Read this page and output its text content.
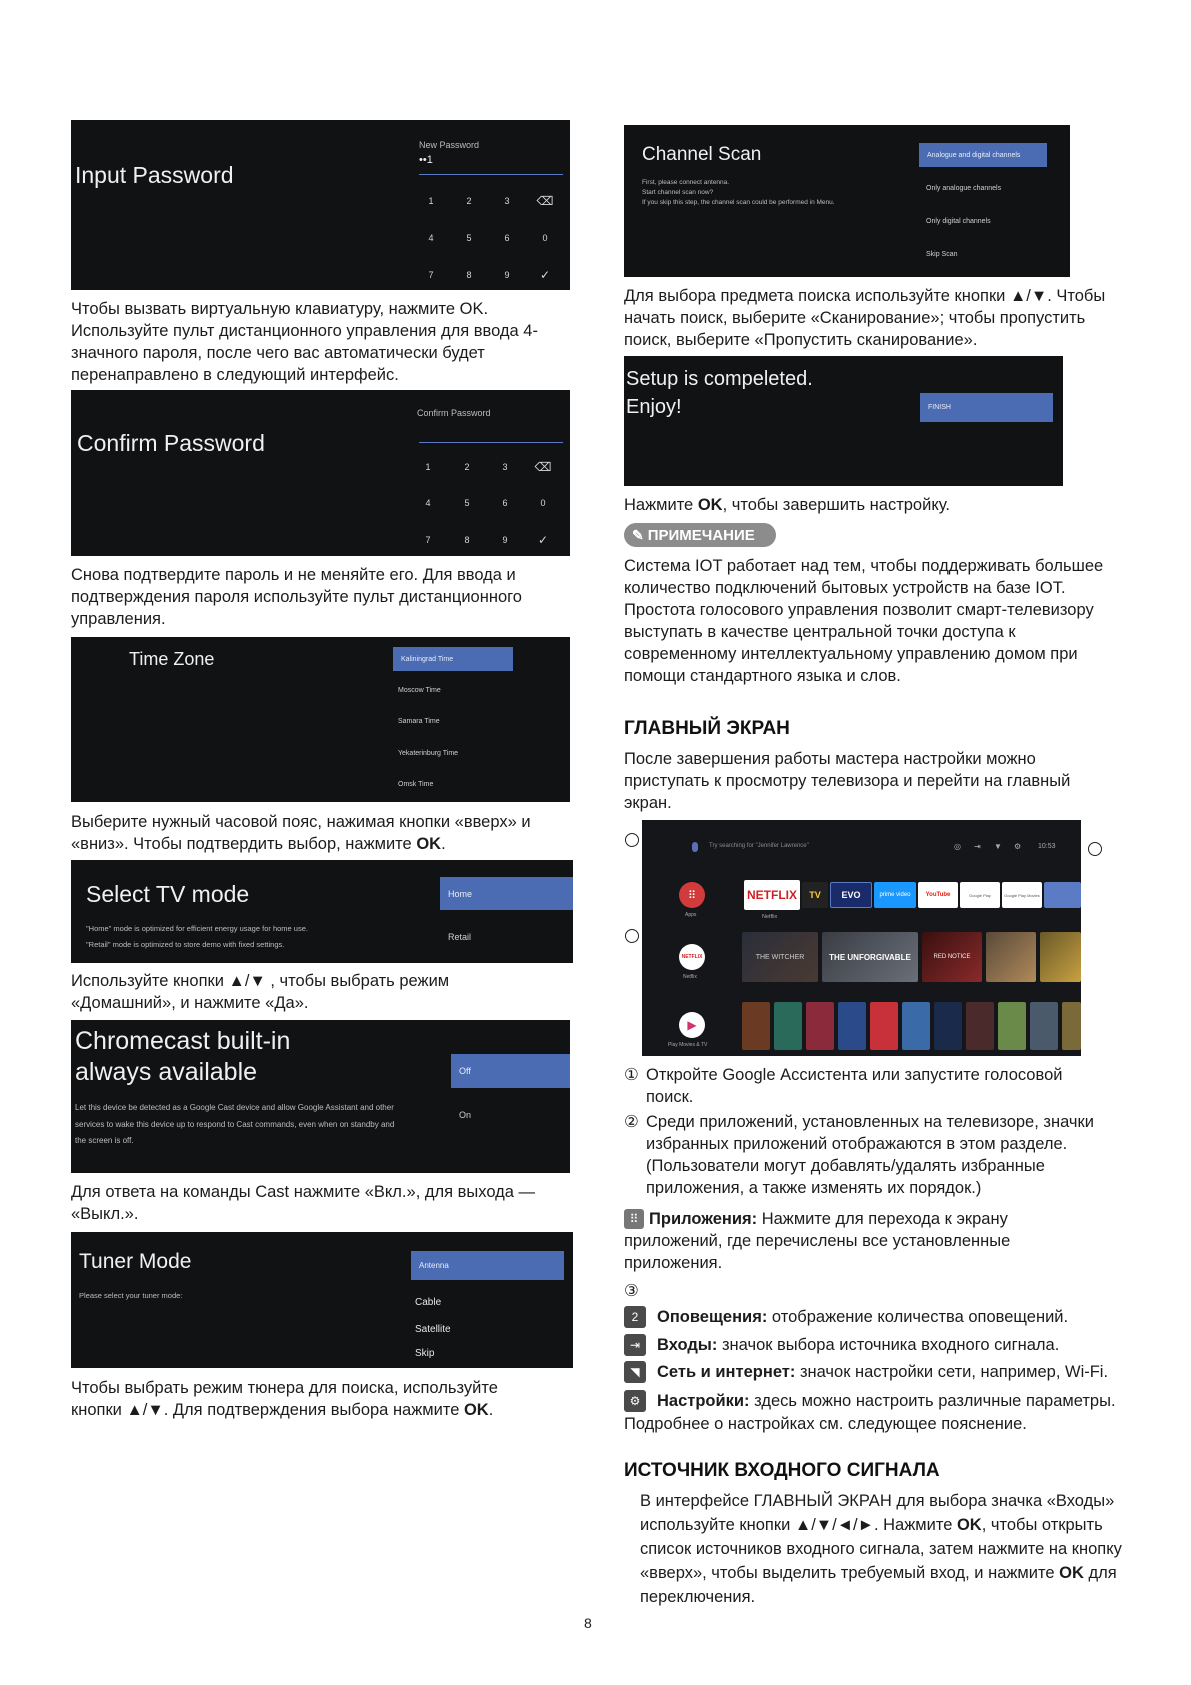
Input Password
New Password
••1
1	2	3	⌫
4	5	6	0
7	8	9	✓
Чтобы вызвать виртуальную клавиатуру, нажмите OK. Используйте пульт дистанционного управления для ввода 4-значного пароля, после чего вас автоматически будет перенаправлено в следующий интерфейс.
Confirm Password
Confirm Password
1	2	3	⌫
4	5	6	0
7	8	9	✓
Снова подтвердите пароль и не меняйте его. Для ввода и подтверждения пароля используйте пульт дистанционного управления.
Time Zone	Kaliningrad Time
Moscow Time
Samara Time
Yekaterinburg Time
Omsk Time
Выберите нужный часовой пояс, нажимая кнопки «вверх» и «вниз». Чтобы подтвердить выбор, нажмите OK.
Select TV mode
"Home" mode is optimized for efficient energy usage for home use.
"Retail" mode is optimized to store demo with fixed settings.
Home
Retail
Используйте кнопки ▲/▼ , чтобы выбрать режим «Домашний», и нажмите «Да».
Chromecast built-in
always available
Let this device be detected as a Google Cast device and allow Google Assistant and other services to wake this device up to respond to Cast commands, even when on standby and the screen is off.
Off
On
Для ответа на команды Cast нажмите «Вкл.», для выхода — «Выкл.».
Tuner Mode
Please select your tuner mode:
Antenna
Cable
Satellite
Skip
Чтобы выбрать режим тюнера для поиска, используйте кнопки ▲/▼. Для подтверждения выбора нажмите OK.
Channel Scan
First, please connect antenna.
Start channel scan now?
If you skip this step, the channel scan could be performed in Menu.
Analogue and digital channels
Only analogue channels
Only digital channels
Skip Scan
Для выбора предмета поиска используйте кнопки ▲/▼. Чтобы начать поиск, выберите «Сканирование»; чтобы пропустить поиск, выберите «Пропустить сканирование».
Setup is compeleted.
Enjoy!	FINISH
Нажмите OK, чтобы завершить настройку.
✎ ПРИМЕЧАНИЕ
Система IOT работает над тем, чтобы поддерживать большее количество подключений бытовых устройств на базе IOT. Простота голосового управления позволит смарт-телевизору выступать в качестве центральной точки доступа к современному интеллектуальному управлению домом при помощи стандартного языка и слов.
ГЛАВНЫЙ ЭКРАН
После завершения работы мастера настройки можно приступать к просмотру телевизора и перейти на главный экран.
Try searching for "Jennifer Lawrence"	◎ ⇥ ▼ ⚙ 10:53
⠿
Apps
NETFLIX
Netflix
▶
Play Movies & TV
NETFLIX
Netflix
TV	EVO	prime video	YouTube	Google Play	Google Play Movies
THE WITCHER	THE UNFORGIVABLE	RED NOTICE
① Откройте Google Ассистента или запустите голосовой поиск.
② Среди приложений, установленных на телевизоре, значки избранных приложений отображаются в этом разделе. (Пользователи могут добавлять/удалять избранные приложения, а также изменять их порядок.)
⠿ Приложения: Нажмите для перехода к экрану приложений, где перечислены все установленные приложения.
③
2	Оповещения: отображение количества оповещений.
⇥	Входы: значок выбора источника входного сигнала.
◥	Сеть и интернет: значок настройки сети, например, Wi-Fi.
⚙	Настройки: здесь можно настроить различные параметры.
Подробнее о настройках см. следующее пояснение.
ИСТОЧНИК ВХОДНОГО СИГНАЛА
В интерфейсе ГЛАВНЫЙ ЭКРАН для выбора значка «Входы» используйте кнопки ▲/▼/◄/►. Нажмите OK, чтобы открыть список источников входного сигнала, затем нажмите на кнопку «вверх», чтобы выделить требуемый вход, и нажмите OK для переключения.
8
